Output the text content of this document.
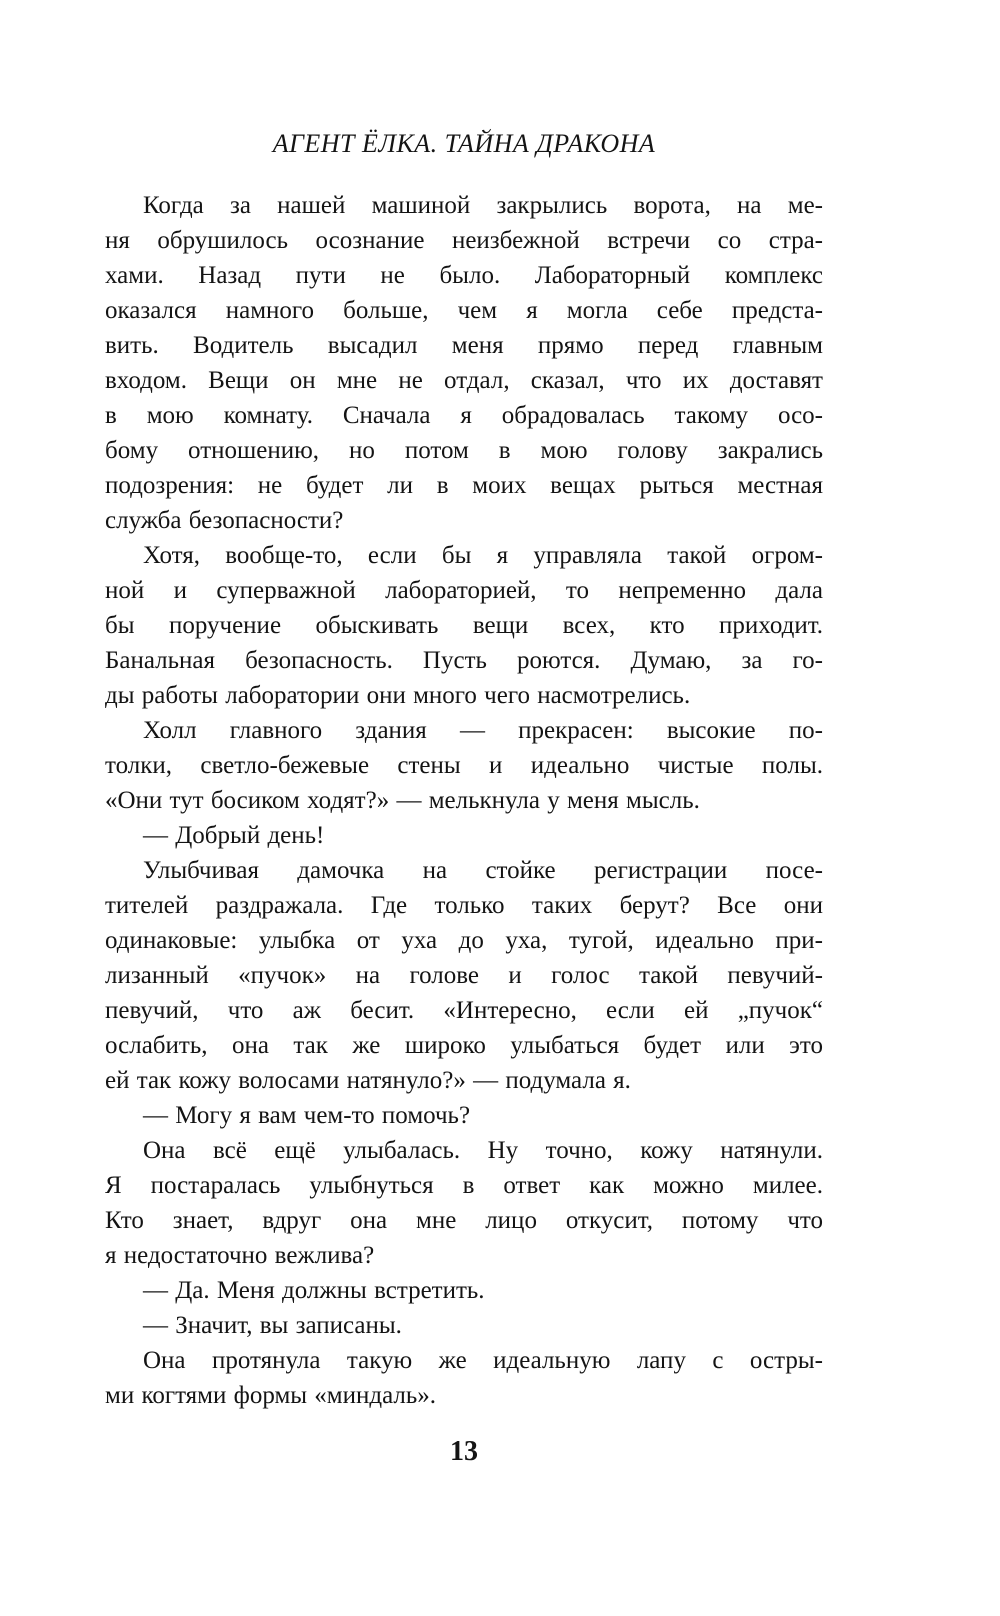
АГЕНТ ЁЛКА. ТАЙНА ДРАКОНА
Когда за нашей машиной закрылись ворота, на ме-
ня обрушилось осознание неизбежной встречи со стра-
хами. Назад пути не было. Лабораторный комплекс
оказался намного больше, чем я могла себе предста-
вить. Водитель высадил меня прямо перед главным
входом. Вещи он мне не отдал, сказал, что их доставят
в мою комнату. Сначала я обрадовалась такому осо-
бому отношению, но потом в мою голову закрались
подозрения: не будет ли в моих вещах рыться местная
служба безопасности?
Хотя, вообще-то, если бы я управляла такой огром-
ной и суперважной лабораторией, то непременно дала
бы поручение обыскивать вещи всех, кто приходит.
Банальная безопасность. Пусть роются. Думаю, за го-
ды работы лаборатории они много чего насмотрелись.
Холл главного здания — прекрасен: высокие по-
толки, светло-бежевые стены и идеально чистые полы.
«Они тут босиком ходят?» — мелькнула у меня мысль.
— Добрый день!
Улыбчивая дамочка на стойке регистрации посе-
тителей раздражала. Где только таких берут? Все они
одинаковые: улыбка от уха до уха, тугой, идеально при-
лизанный «пучок» на голове и голос такой певучий-
певучий, что аж бесит. «Интересно, если ей „пучок“
ослабить, она так же широко улыбаться будет или это
ей так кожу волосами натянуло?» — подумала я.
— Могу я вам чем-то помочь?
Она всё ещё улыбалась. Ну точно, кожу натянули.
Я постаралась улыбнуться в ответ как можно милее.
Кто знает, вдруг она мне лицо откусит, потому что
я недостаточно вежлива?
— Да. Меня должны встретить.
— Значит, вы записаны.
Она протянула такую же идеальную лапу с остры-
ми когтями формы «миндаль».
13
